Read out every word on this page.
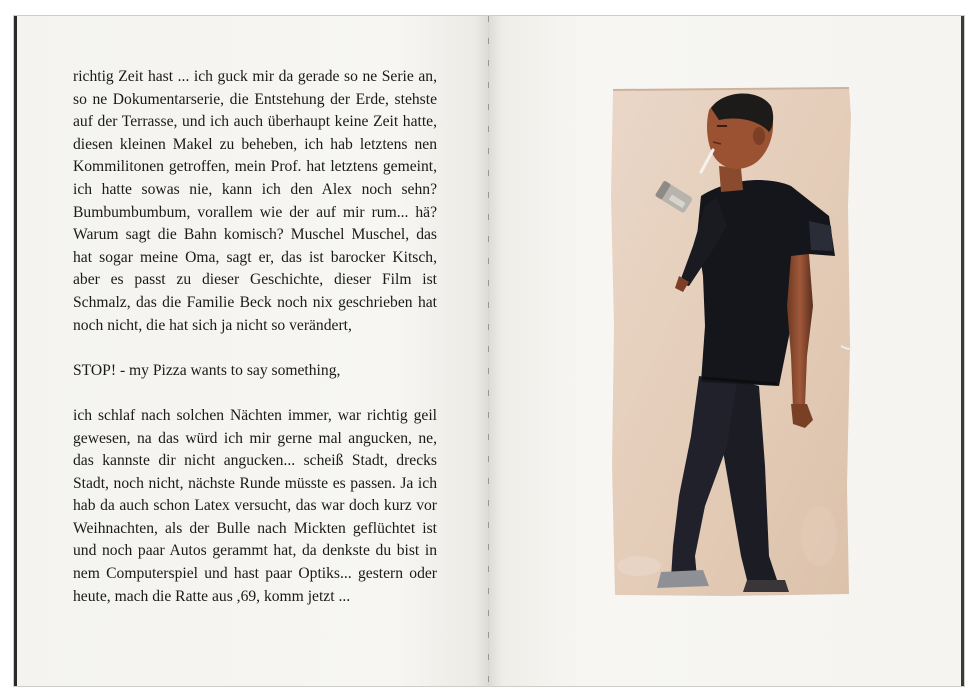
richtig Zeit hast ... ich guck mir da gerade so ne Serie an, so ne Dokumentarserie, die Entstehung der Erde, stehste auf der Terrasse, und ich auch überhaupt keine Zeit hatte, diesen kleinen Makel zu beheben, ich hab letztens nen Kommilitonen getroffen, mein Prof. hat letztens gemeint, ich hatte sowas nie, kann ich den Alex noch sehn? Bumbumbumbum, vorallem wie der auf mir rum... hä? Warum sagt die Bahn komisch? Muschel Muschel, das hat sogar meine Oma, sagt er, das ist barocker Kitsch, aber es passt zu dieser Geschichte, dieser Film ist Schmalz, das die Familie Beck noch nix geschrieben hat noch nicht, die hat sich ja nicht so verändert,

STOP! - my Pizza wants to say something,

ich schlaf nach solchen Nächten immer, war richtig geil gewesen, na das würd ich mir gerne mal angucken, ne, das kannste dir nicht angucken... scheiß Stadt, drecks Stadt, noch nicht, nächste Runde müsste es passen. Ja ich hab da auch schon Latex versucht, das war doch kurz vor Weihnachten, als der Bulle nach Mickten geflüchtet ist und noch paar Autos gerammt hat, da denkste du bist in nem Computerspiel und hast paar Optiks... gestern oder heute, mach die Ratte aus ,69, komm jetzt ...
